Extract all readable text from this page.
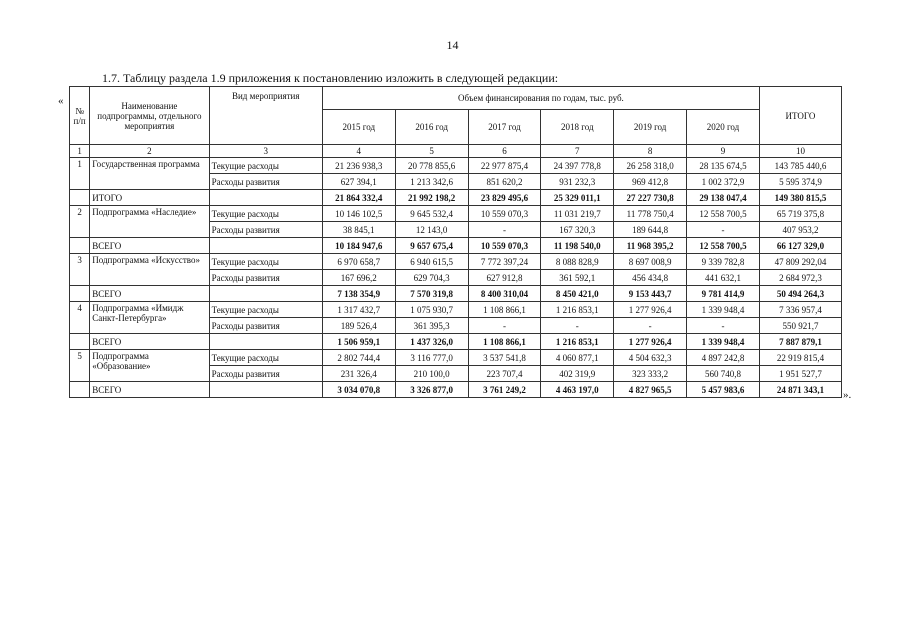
14
1.7. Таблицу раздела 1.9 приложения к постановлению изложить в следующей редакции:
«
».
№ п/п	Наименование подпрограммы, отдельного мероприятия	Вид мероприятия	Объем финансирования по годам, тыс. руб.						ИТОГО
			2015 год	2016 год	2017 год	2018 год	2019 год	2020 год	
1	2	3	4	5	6	7	8	9	10
1	Государственная программа	Текущие расходы	21 236 938,3	20 778 855,6	22 977 875,4	24 397 778,8	26 258 318,0	28 135 674,5	143 785 440,6
		Расходы развития	627 394,1	1 213 342,6	851 620,2	931 232,3	969 412,8	1 002 372,9	5 595 374,9
	ИТОГО		21 864 332,4	21 992 198,2	23 829 495,6	25 329 011,1	27 227 730,8	29 138 047,4	149 380 815,5
2	Подпрограмма «Наследие»	Текущие расходы	10 146 102,5	9 645 532,4	10 559 070,3	11 031 219,7	11 778 750,4	12 558 700,5	65 719 375,8
		Расходы развития	38 845,1	12 143,0	-	167 320,3	189 644,8	-	407 953,2
	ВСЕГО		10 184 947,6	9 657 675,4	10 559 070,3	11 198 540,0	11 968 395,2	12 558 700,5	66 127 329,0
3	Подпрограмма «Искусство»	Текущие расходы	6 970 658,7	6 940 615,5	7 772 397,24	8 088 828,9	8 697 008,9	9 339 782,8	47 809 292,04
		Расходы развития	167 696,2	629 704,3	627 912,8	361 592,1	456 434,8	441 632,1	2 684 972,3
	ВСЕГО		7 138 354,9	7 570 319,8	8 400 310,04	8 450 421,0	9 153 443,7	9 781 414,9	50 494 264,3
4	Подпрограмма «Имидж Санкт-Петербурга»	Текущие расходы	1 317 432,7	1 075 930,7	1 108 866,1	1 216 853,1	1 277 926,4	1 339 948,4	7 336 957,4
		Расходы развития	189 526,4	361 395,3	-	-	-	-	550 921,7
	ВСЕГО		1 506 959,1	1 437 326,0	1 108 866,1	1 216 853,1	1 277 926,4	1 339 948,4	7 887 879,1
5	Подпрограмма «Образование»	Текущие расходы	2 802 744,4	3 116 777,0	3 537 541,8	4 060 877,1	4 504 632,3	4 897 242,8	22 919 815,4
		Расходы развития	231 326,4	210 100,0	223 707,4	402 319,9	323 333,2	560 740,8	1 951 527,7
	ВСЕГО		3 034 070,8	3 326 877,0	3 761 249,2	4 463 197,0	4 827 965,5	5 457 983,6	24 871 343,1
